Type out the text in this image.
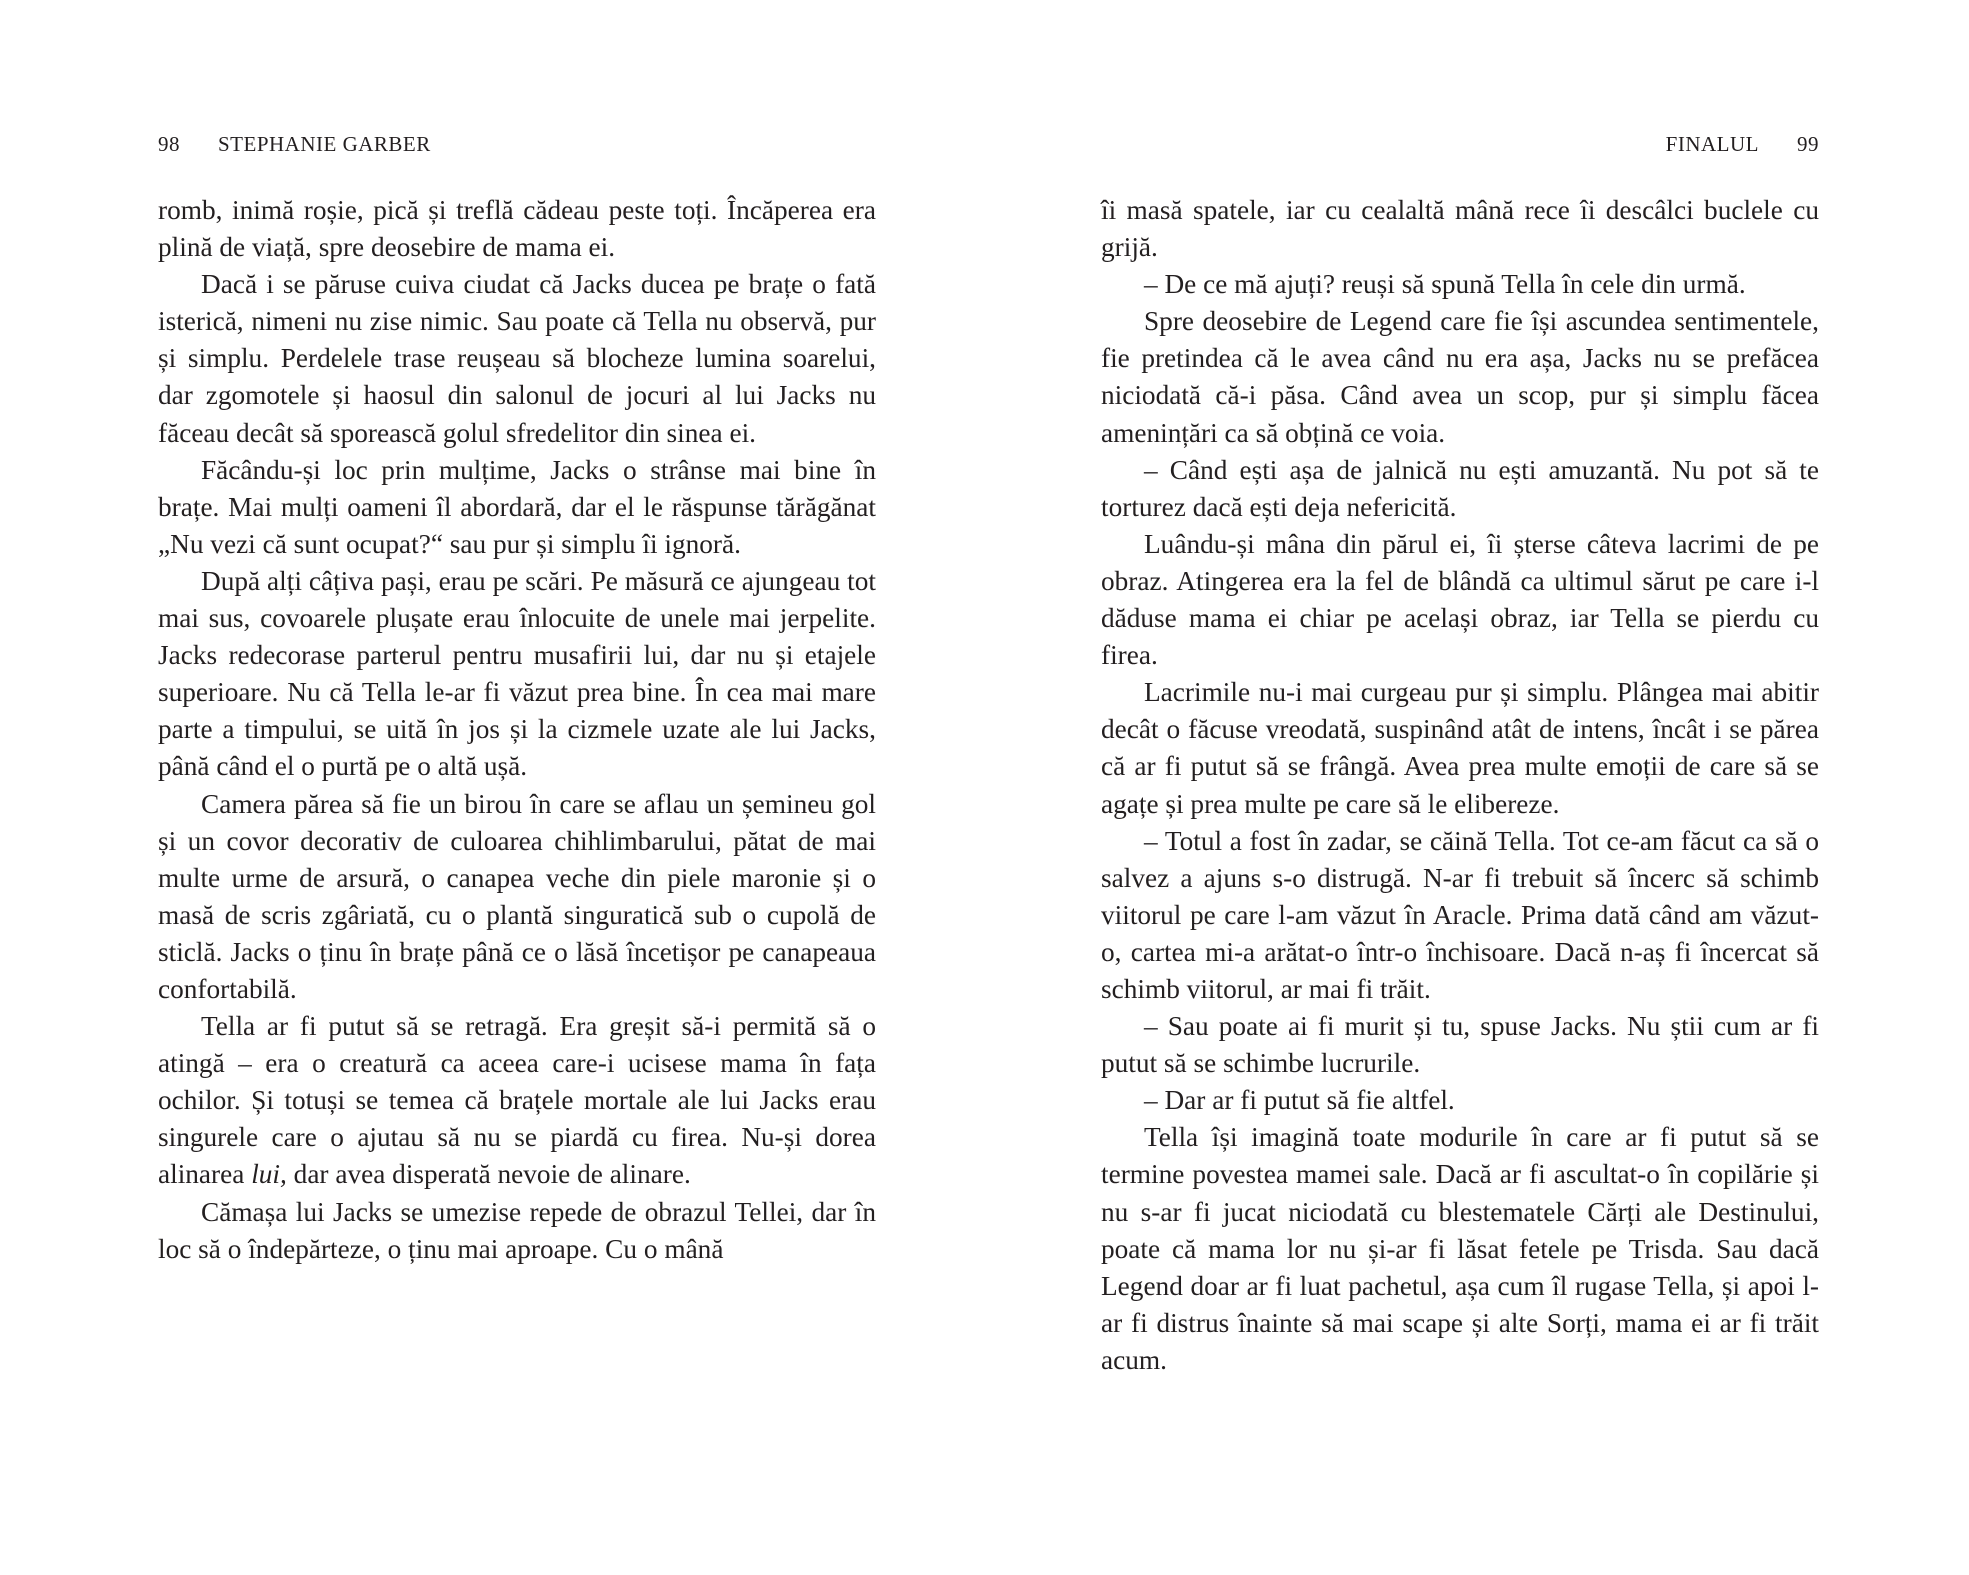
98 STEPHANIE GARBER

romb, inimă roșie, pică și treflă cădeau peste toți. Încăperea era plină de viață, spre deosebire de mama ei.

Dacă i se păruse cuiva ciudat că Jacks ducea pe brațe o fată isterică, nimeni nu zise nimic. Sau poate că Tella nu observă, pur și simplu. Perdelele trase reușeau să blocheze lumina soarelui, dar zgomotele și haosul din salonul de jocuri al lui Jacks nu făceau decât să sporească golul sfredelitor din sinea ei.

Făcându-și loc prin mulțime, Jacks o strânse mai bine în brațe. Mai mulți oameni îl abordară, dar el le răspunse tărăgănat „Nu vezi că sunt ocupat?“ sau pur și simplu îi ignoră.

După alți câțiva pași, erau pe scări. Pe măsură ce ajungeau tot mai sus, covoarele plușate erau înlocuite de unele mai jerpelite. Jacks redecorase parterul pentru musafirii lui, dar nu și etajele superioare. Nu că Tella le-ar fi văzut prea bine. În cea mai mare parte a timpului, se uită în jos și la cizmele uzate ale lui Jacks, până când el o purtă pe o altă ușă.

Camera părea să fie un birou în care se aflau un șemineu gol și un covor decorativ de culoarea chihlimbarului, pătat de mai multe urme de arsură, o canapea veche din piele maronie și o masă de scris zgâriată, cu o plantă singuratică sub o cupolă de sticlă. Jacks o ținu în brațe până ce o lăsă încetișor pe canapeaua confortabilă.

Tella ar fi putut să se retragă. Era greșit să-i permită să o atingă – era o creatură ca aceea care-i ucisese mama în fața ochilor. Și totuși se temea că brațele mortale ale lui Jacks erau singurele care o ajutau să nu se piardă cu firea. Nu-și dorea alinarea lui, dar avea disperată nevoie de alinare.

Cămașa lui Jacks se umezise repede de obrazul Tellei, dar în loc să o îndepărteze, o ținu mai aproape. Cu o mână

FINALUL 99

îi masă spatele, iar cu cealaltă mână rece îi descâlci buclele cu grijă.

– De ce mă ajuți? reuși să spună Tella în cele din urmă.

Spre deosebire de Legend care fie își ascundea sentimentele, fie pretindea că le avea când nu era așa, Jacks nu se prefăcea niciodată că-i păsa. Când avea un scop, pur și simplu făcea amenințări ca să obțină ce voia.

– Când ești așa de jalnică nu ești amuzantă. Nu pot să te torturez dacă ești deja nefericită.

Luându-și mâna din părul ei, îi șterse câteva lacrimi de pe obraz. Atingerea era la fel de blândă ca ultimul sărut pe care i-l dăduse mama ei chiar pe același obraz, iar Tella se pierdu cu firea.

Lacrimile nu-i mai curgeau pur și simplu. Plângea mai abitir decât o făcuse vreodată, suspinând atât de intens, încât i se părea că ar fi putut să se frângă. Avea prea multe emoții de care să se agațe și prea multe pe care să le elibereze.

– Totul a fost în zadar, se căină Tella. Tot ce-am făcut ca să o salvez a ajuns s-o distrugă. N-ar fi trebuit să încerc să schimb viitorul pe care l-am văzut în Aracle. Prima dată când am văzut-o, cartea mi-a arătat-o într-o închisoare. Dacă n-aș fi încercat să schimb viitorul, ar mai fi trăit.

– Sau poate ai fi murit și tu, spuse Jacks. Nu știi cum ar fi putut să se schimbe lucrurile.

– Dar ar fi putut să fie altfel.

Tella își imagină toate modurile în care ar fi putut să se termine povestea mamei sale. Dacă ar fi ascultat-o în copilărie și nu s-ar fi jucat niciodată cu blestematele Cărți ale Destinului, poate că mama lor nu și-ar fi lăsat fetele pe Trisda. Sau dacă Legend doar ar fi luat pachetul, așa cum îl rugase Tella, și apoi l-ar fi distrus înainte să mai scape și alte Sorți, mama ei ar fi trăit acum.
